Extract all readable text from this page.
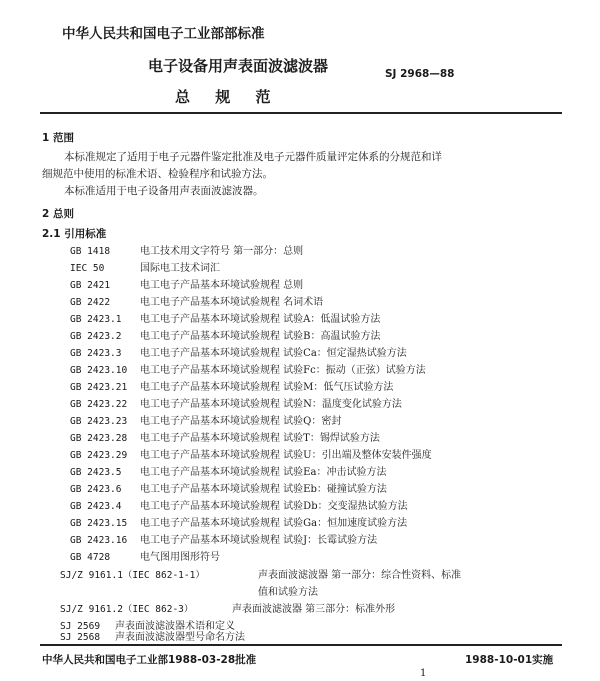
中华人民共和国电子工业部部标准
电子设备用声表面波滤波器	SJ 2968—88
总 规 范
1 范围
本标准规定了适用于电子元器件鉴定批准及电子元器件质量评定体系的分规范和详
细规范中使用的标准术语、检验程序和试验方法。
本标准适用于电子设备用声表面波滤波器。
2 总则
2.1 引用标准
GB 1418	电工技术用文字符号 第一部分：总则
IEC 50	国际电工技术词汇
GB 2421	电工电子产品基本环境试验规程 总则
GB 2422	电工电子产品基本环境试验规程 名词术语
GB 2423.1 电工电子产品基本环境试验规程 试验A：低温试验方法
GB 2423.2 电工电子产品基本环境试验规程 试验B：高温试验方法
GB 2423.3 电工电子产品基本环境试验规程 试验Ca：恒定湿热试验方法
GB 2423.10 电工电子产品基本环境试验规程 试验Fc：振动（正弦）试验方法
GB 2423.21 电工电子产品基本环境试验规程 试验M：低气压试验方法
GB 2423.22 电工电子产品基本环境试验规程 试验N：温度变化试验方法
GB 2423.23 电工电子产品基本环境试验规程 试验Q：密封
GB 2423.28 电工电子产品基本环境试验规程 试验T：锡焊试验方法
GB 2423.29 电工电子产品基本环境试验规程 试验U：引出端及整体安装件强度
GB 2423.5 电工电子产品基本环境试验规程 试验Ea：冲击试验方法
GB 2423.6 电工电子产品基本环境试验规程 试验Eb：碰撞试验方法
GB 2423.4 电工电子产品基本环境试验规程 试验Db：交变湿热试验方法
GB 2423.15 电工电子产品基本环境试验规程 试验Ga：恒加速度试验方法
GB 2423.16 电工电子产品基本环境试验规程 试验J：长霉试验方法
GB 4728	电气图用图形符号
SJ/Z 9161.1（IEC 862-1-1）	声表面波滤波器 第一部分：综合性资料、标准
值和试验方法
SJ/Z 9161.2（IEC 862-3）	声表面波滤波器 第三部分：标准外形
SJ 2569 声表面波滤波器术语和定义
SJ 2568 声表面波滤波器型号命名方法
中华人民共和国电子工业部1988-03-28批准	1988-10-01实施
1
